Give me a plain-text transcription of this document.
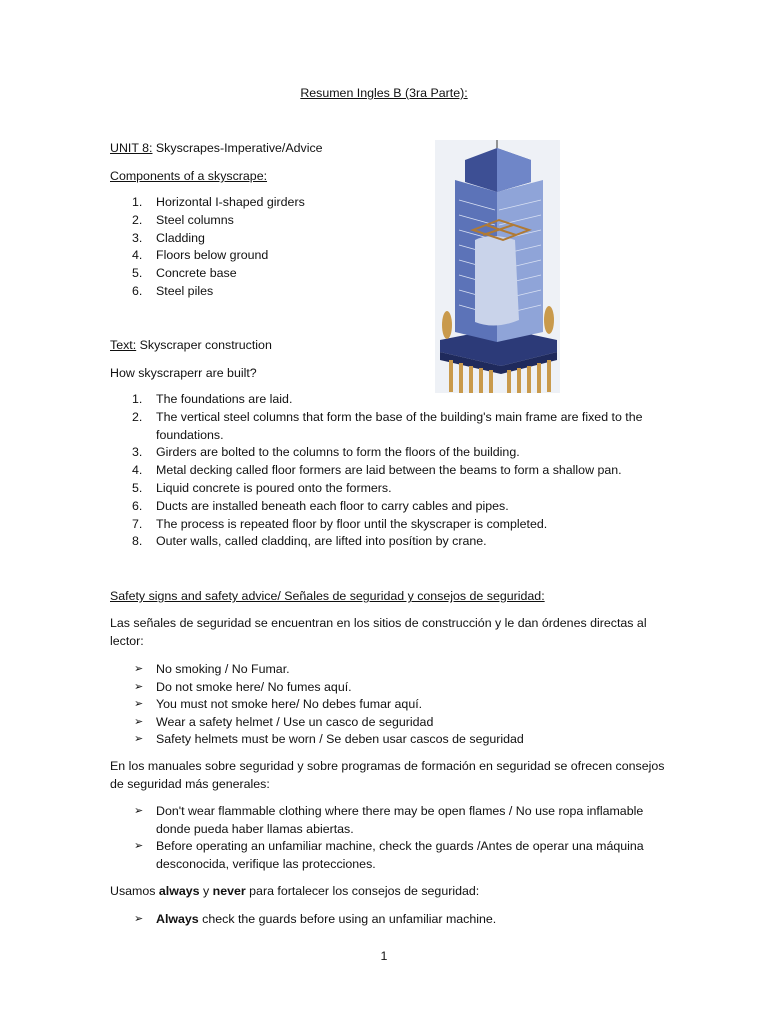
Resumen Ingles B (3ra Parte):
UNIT 8: Skyscrapes-Imperative/Advice
Components of a skyscrape:
1. Horizontal I-shaped girders
2. Steel columns
3. Cladding
4. Floors below ground
5. Concrete base
6. Steel piles
Text: Skyscraper construction
How skyscraperr are built?
1. The foundations are laid.
2. The vertical steel columns that form the base of the building's main frame are fixed to the foundations.
3. Girders are bolted to the columns to form the floors of the building.
4. Metal decking called floor formers are laid between the beams to form a shallow pan.
5. Liquid concrete is poured onto the formers.
6. Ducts are installed beneath each floor to carry cables and pipes.
7. The process is repeated floor by floor until the skyscraper is completed.
8. Outer walls, caIled claddinq, are lifted into posítion by crane.
Safety signs and safety advice/ Señales de seguridad y consejos de seguridad:
Las señales de seguridad se encuentran en los sitios de construcción y le dan órdenes directas al lector:
➢ No smoking / No Fumar.
➢ Do not smoke here/ No fumes aquí.
➢ You must not smoke here/ No debes fumar aquí.
➢ Wear a safety helmet / Use un casco de seguridad
➢ Safety helmets must be worn / Se deben usar cascos de seguridad
En los manuales sobre seguridad y sobre programas de formación en seguridad se ofrecen consejos de seguridad más generales:
➢ Don't wear flammable clothing where there may be open flames / No use ropa inflamable donde pueda haber llamas abiertas.
➢ Before operating an unfamiliar machine, check the guards /Antes de operar una máquina desconocida, verifique las protecciones.
Usamos always y never para fortalecer los consejos de seguridad:
➢ Always check the guards before using an unfamiliar machine.
1
